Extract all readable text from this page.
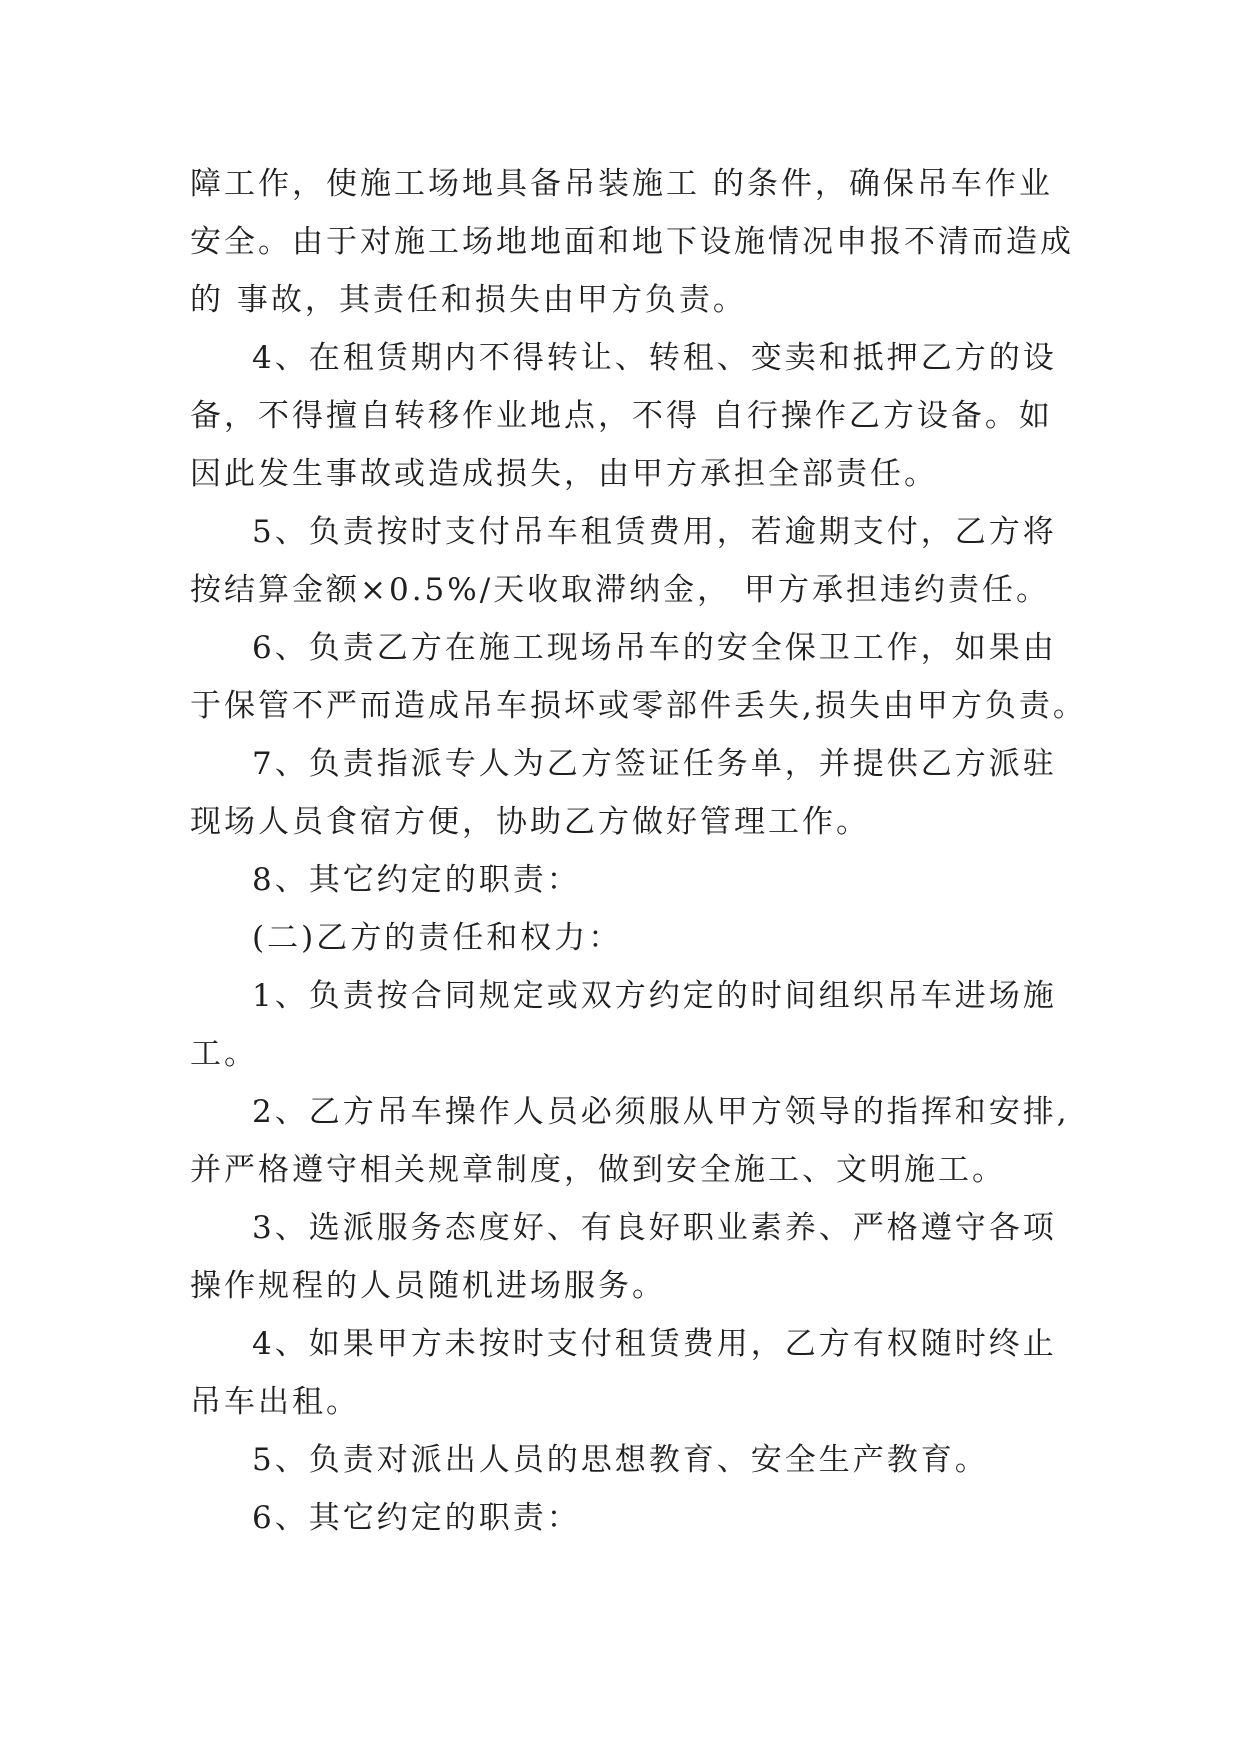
障工作，使施工场地具备吊装施工 的条件，确保吊车作业
安全。由于对施工场地地面和地下设施情况申报不清而造成
的 事故，其责任和损失由甲方负责。
4、在租赁期内不得转让、转租、变卖和抵押乙方的设
备，不得擅自转移作业地点，不得 自行操作乙方设备。如
因此发生事故或造成损失，由甲方承担全部责任。
5、负责按时支付吊车租赁费用，若逾期支付，乙方将
按结算金额×0.5%/天收取滞纳金， 甲方承担违约责任。
6、负责乙方在施工现场吊车的安全保卫工作，如果由
于保管不严而造成吊车损坏或零部件丢失,损失由甲方负责。
7、负责指派专人为乙方签证任务单，并提供乙方派驻
现场人员食宿方便，协助乙方做好管理工作。
8、其它约定的职责：
(二)乙方的责任和权力：
1、负责按合同规定或双方约定的时间组织吊车进场施
工。
2、乙方吊车操作人员必须服从甲方领导的指挥和安排,
并严格遵守相关规章制度，做到安全施工、文明施工。
3、选派服务态度好、有良好职业素养、严格遵守各项
操作规程的人员随机进场服务。
4、如果甲方未按时支付租赁费用，乙方有权随时终止
吊车出租。
5、负责对派出人员的思想教育、安全生产教育。
6、其它约定的职责：
